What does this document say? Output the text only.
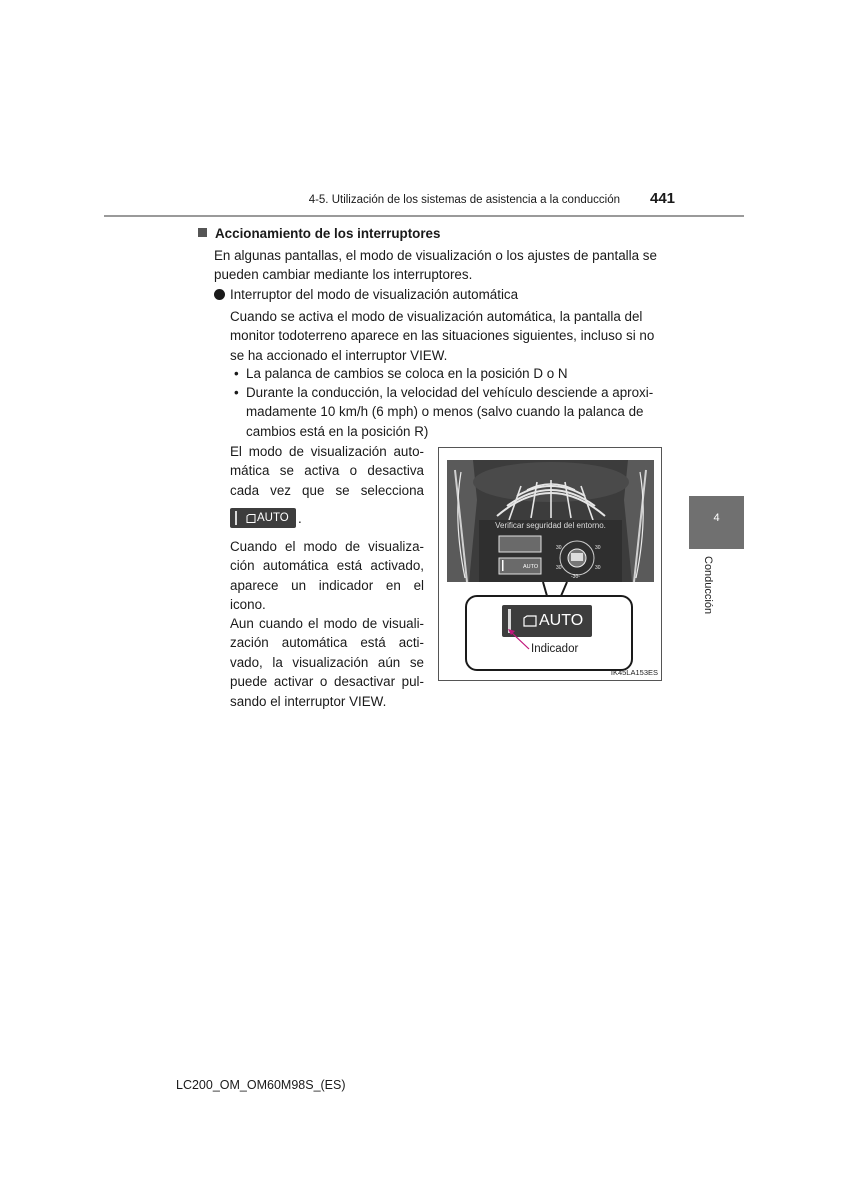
4-5. Utilización de los sistemas de asistencia a la conducción 441
4
Conducción
Accionamiento de los interruptores
En algunas pantallas, el modo de visualización o los ajustes de pantalla se
pueden cambiar mediante los interruptores.
Interruptor del modo de visualización automática
Cuando se activa el modo de visualización automática, la pantalla del
monitor todoterreno aparece en las situaciones siguientes, incluso si no
se ha accionado el interruptor VIEW.
• La palanca de cambios se coloca en la posición D o N
• Durante la conducción, la velocidad del vehículo desciende a aproxi-
madamente 10 km/h (6 mph) o menos (salvo cuando la palanca de
cambios está en la posición R)
El modo de visualización auto-
mática se activa o desactiva
cada vez que se selecciona
AUTO .
Cuando el modo de visualiza-
ción automática está activado,
aparece un indicador en el
icono.
Aun cuando el modo de visuali-
zación automática está acti-
vado, la visualización aún se
puede activar o desactivar pul-
sando el interruptor VIEW.
Verificar seguridad del entorno.
AUTO
30	30
30	30
-30-
AUTO
Indicador
IK45LA153ES
LC200_OM_OM60M98S_(ES)
